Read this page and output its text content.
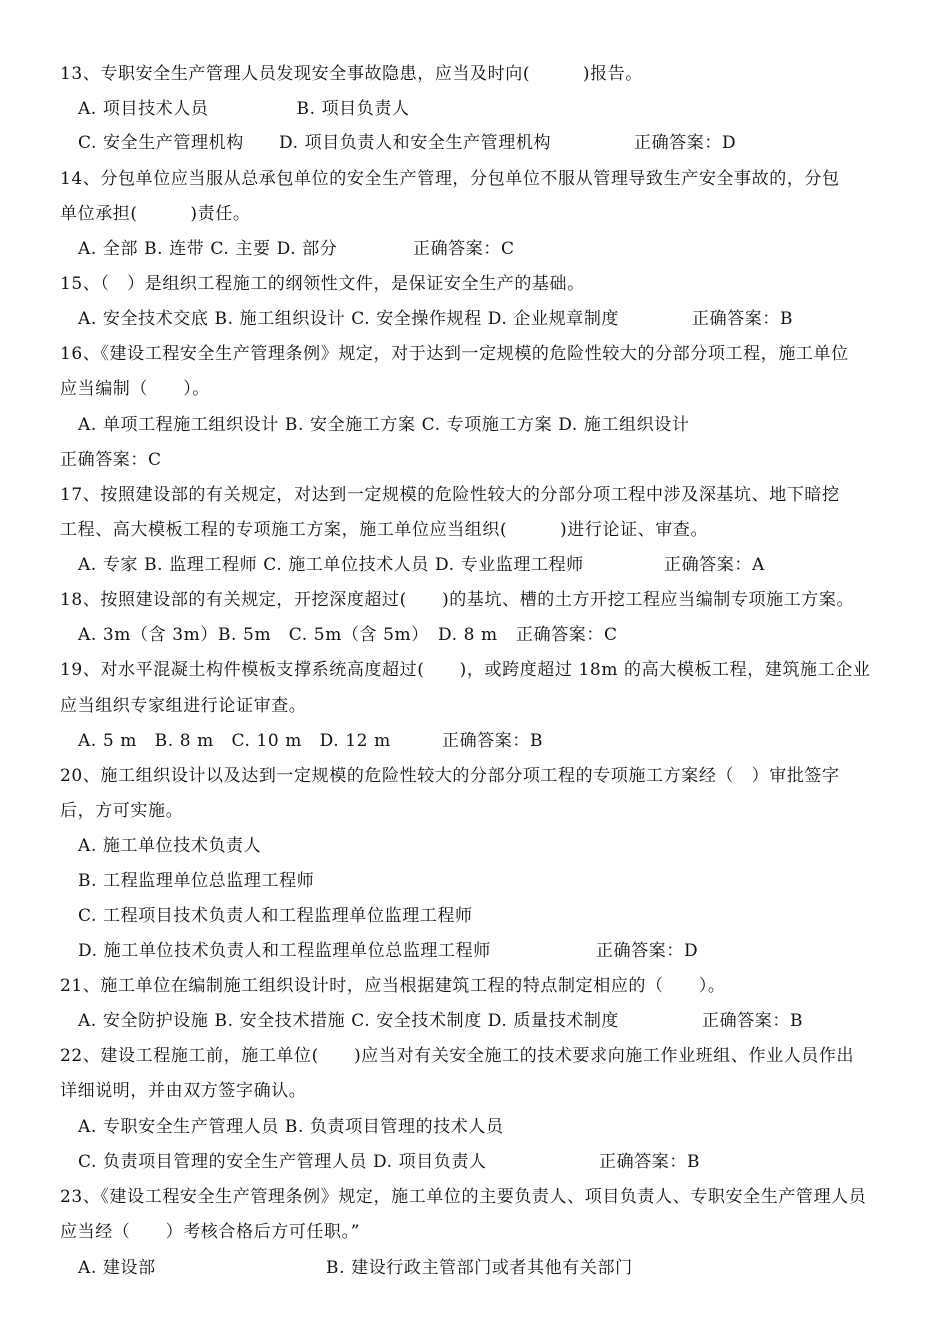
13、专职安全生产管理人员发现安全事故隐患，应当及时向(　　　)报告。
A. 项目技术人员　　　　　B. 项目负责人
C. 安全生产管理机构　　D. 项目负责人和安全生产管理机构	正确答案：D
14、分包单位应当服从总承包单位的安全生产管理，分包单位不服从管理导致生产安全事故的，分包
单位承担(　　　)责任。
A. 全部 B. 连带 C. 主要 D. 部分	正确答案：C
15、（　）是组织工程施工的纲领性文件，是保证安全生产的基础。
A. 安全技术交底 B. 施工组织设计 C. 安全操作规程 D. 企业规章制度	正确答案：B
16、《建设工程安全生产管理条例》规定，对于达到一定规模的危险性较大的分部分项工程，施工单位
应当编制（　　）。
A. 单项工程施工组织设计 B. 安全施工方案 C. 专项施工方案 D. 施工组织设计
正确答案：C
17、按照建设部的有关规定，对达到一定规模的危险性较大的分部分项工程中涉及深基坑、地下暗挖
工程、高大模板工程的专项施工方案，施工单位应当组织(　　　)进行论证、审查。
A. 专家 B. 监理工程师 C. 施工单位技术人员 D. 专业监理工程师	正确答案：A
18、按照建设部的有关规定，开挖深度超过(　　)的基坑、槽的土方开挖工程应当编制专项施工方案。
A. 3m（含 3m）B. 5m　C. 5m（含 5m）　D. 8 m 正确答案：C
19、对水平混凝土构件模板支撑系统高度超过(　　)，或跨度超过 18m 的高大模板工程，建筑施工企业
应当组织专家组进行论证审查。
A. 5 m　B. 8 m　C. 10 m　D. 12 m	正确答案：B
20、施工组织设计以及达到一定规模的危险性较大的分部分项工程的专项施工方案经（　）审批签字
后，方可实施。
A. 施工单位技术负责人
B. 工程监理单位总监理工程师
C. 工程项目技术负责人和工程监理单位监理工程师
D. 施工单位技术负责人和工程监理单位总监理工程师	正确答案：D
21、施工单位在编制施工组织设计时，应当根据建筑工程的特点制定相应的（　　）。
A. 安全防护设施 B. 安全技术措施 C. 安全技术制度 D. 质量技术制度	正确答案：B
22、建设工程施工前，施工单位(　　)应当对有关安全施工的技术要求向施工作业班组、作业人员作出
详细说明，并由双方签字确认。
A. 专职安全生产管理人员 B. 负责项目管理的技术人员
C. 负责项目管理的安全生产管理人员 D. 项目负责人	正确答案：B
23、《建设工程安全生产管理条例》规定，施工单位的主要负责人、项目负责人、专职安全生产管理人员
应当经（　　）考核合格后方可任职。”
A. 建设部	B. 建设行政主管部门或者其他有关部门
